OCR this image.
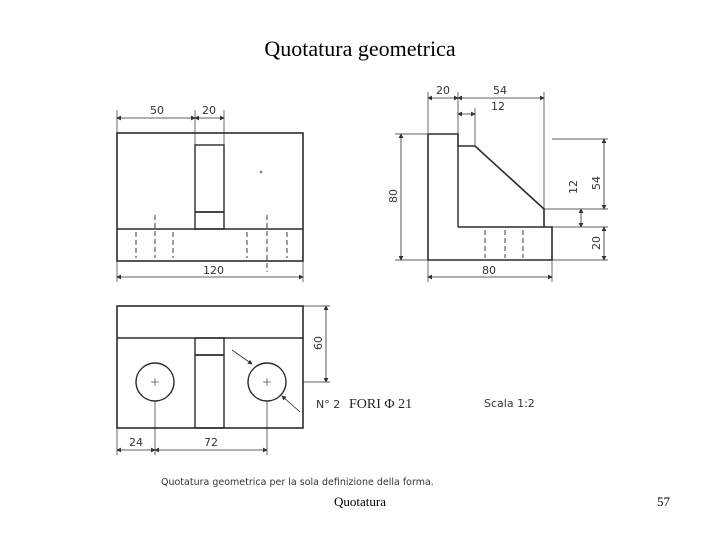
Quotatura geometrica
50	20
120
20	54
12
80
12 54
20
80
60
24	72
N° 2 FORI Φ 21	Scala 1:2
Quotatura geometrica per la sola definizione della forma.
Quotatura	57
